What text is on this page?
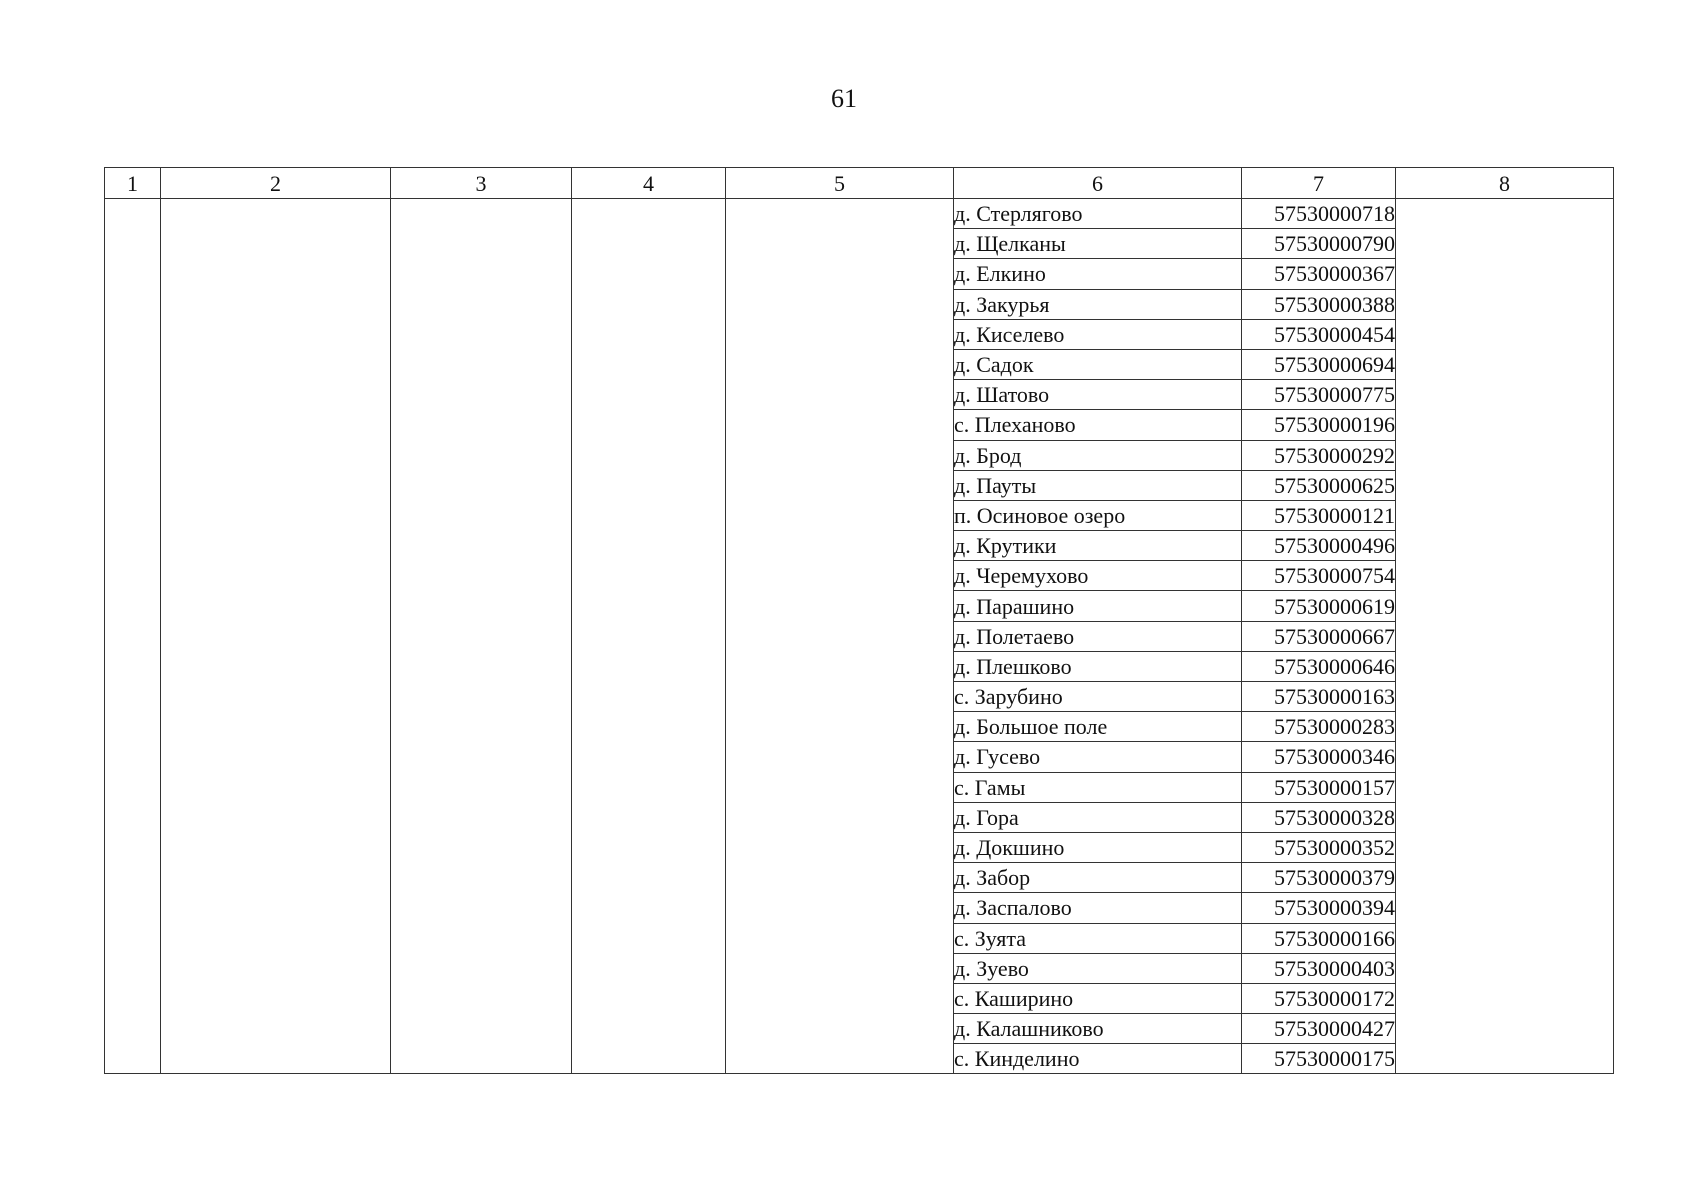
61
1	2	3	4	5	6	7	8
					д. Стерлягово	57530000718	
					д. Щелканы	57530000790	
					д. Елкино	57530000367	
					д. Закурья	57530000388	
					д. Киселево	57530000454	
					д. Садок	57530000694	
					д. Шатово	57530000775	
					с. Плеханово	57530000196	
					д. Брод	57530000292	
					д. Пауты	57530000625	
					п. Осиновое озеро	57530000121	
					д. Крутики	57530000496	
					д. Черемухово	57530000754	
					д. Парашино	57530000619	
					д. Полетаево	57530000667	
					д. Плешково	57530000646	
					с. Зарубино	57530000163	
					д. Большое поле	57530000283	
					д. Гусево	57530000346	
					с. Гамы	57530000157	
					д. Гора	57530000328	
					д. Докшино	57530000352	
					д. Забор	57530000379	
					д. Заспалово	57530000394	
					с. Зуята	57530000166	
					д. Зуево	57530000403	
					с. Каширино	57530000172	
					д. Калашниково	57530000427	
					с. Кинделино	57530000175	
